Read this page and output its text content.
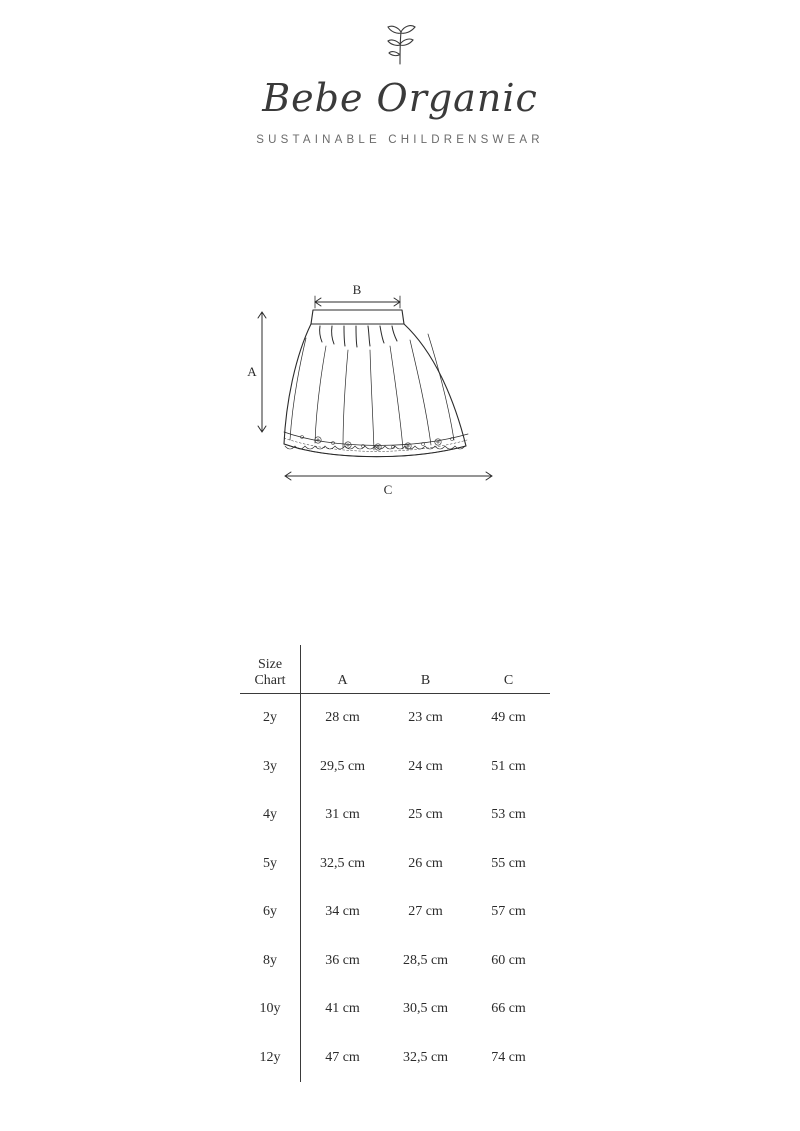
Bebe Organic
SUSTAINABLE CHILDRENSWEAR
B
A
C
Size
Chart	A	B	C
2y	28 cm	23 cm	49 cm
3y	29,5 cm	24 cm	51 cm
4y	31 cm	25 cm	53 cm
5y	32,5 cm	26 cm	55 cm
6y	34 cm	27 cm	57 cm
8y	36 cm	28,5 cm	60 cm
10y	41 cm	30,5 cm	66 cm
12y	47 cm	32,5 cm	74 cm
